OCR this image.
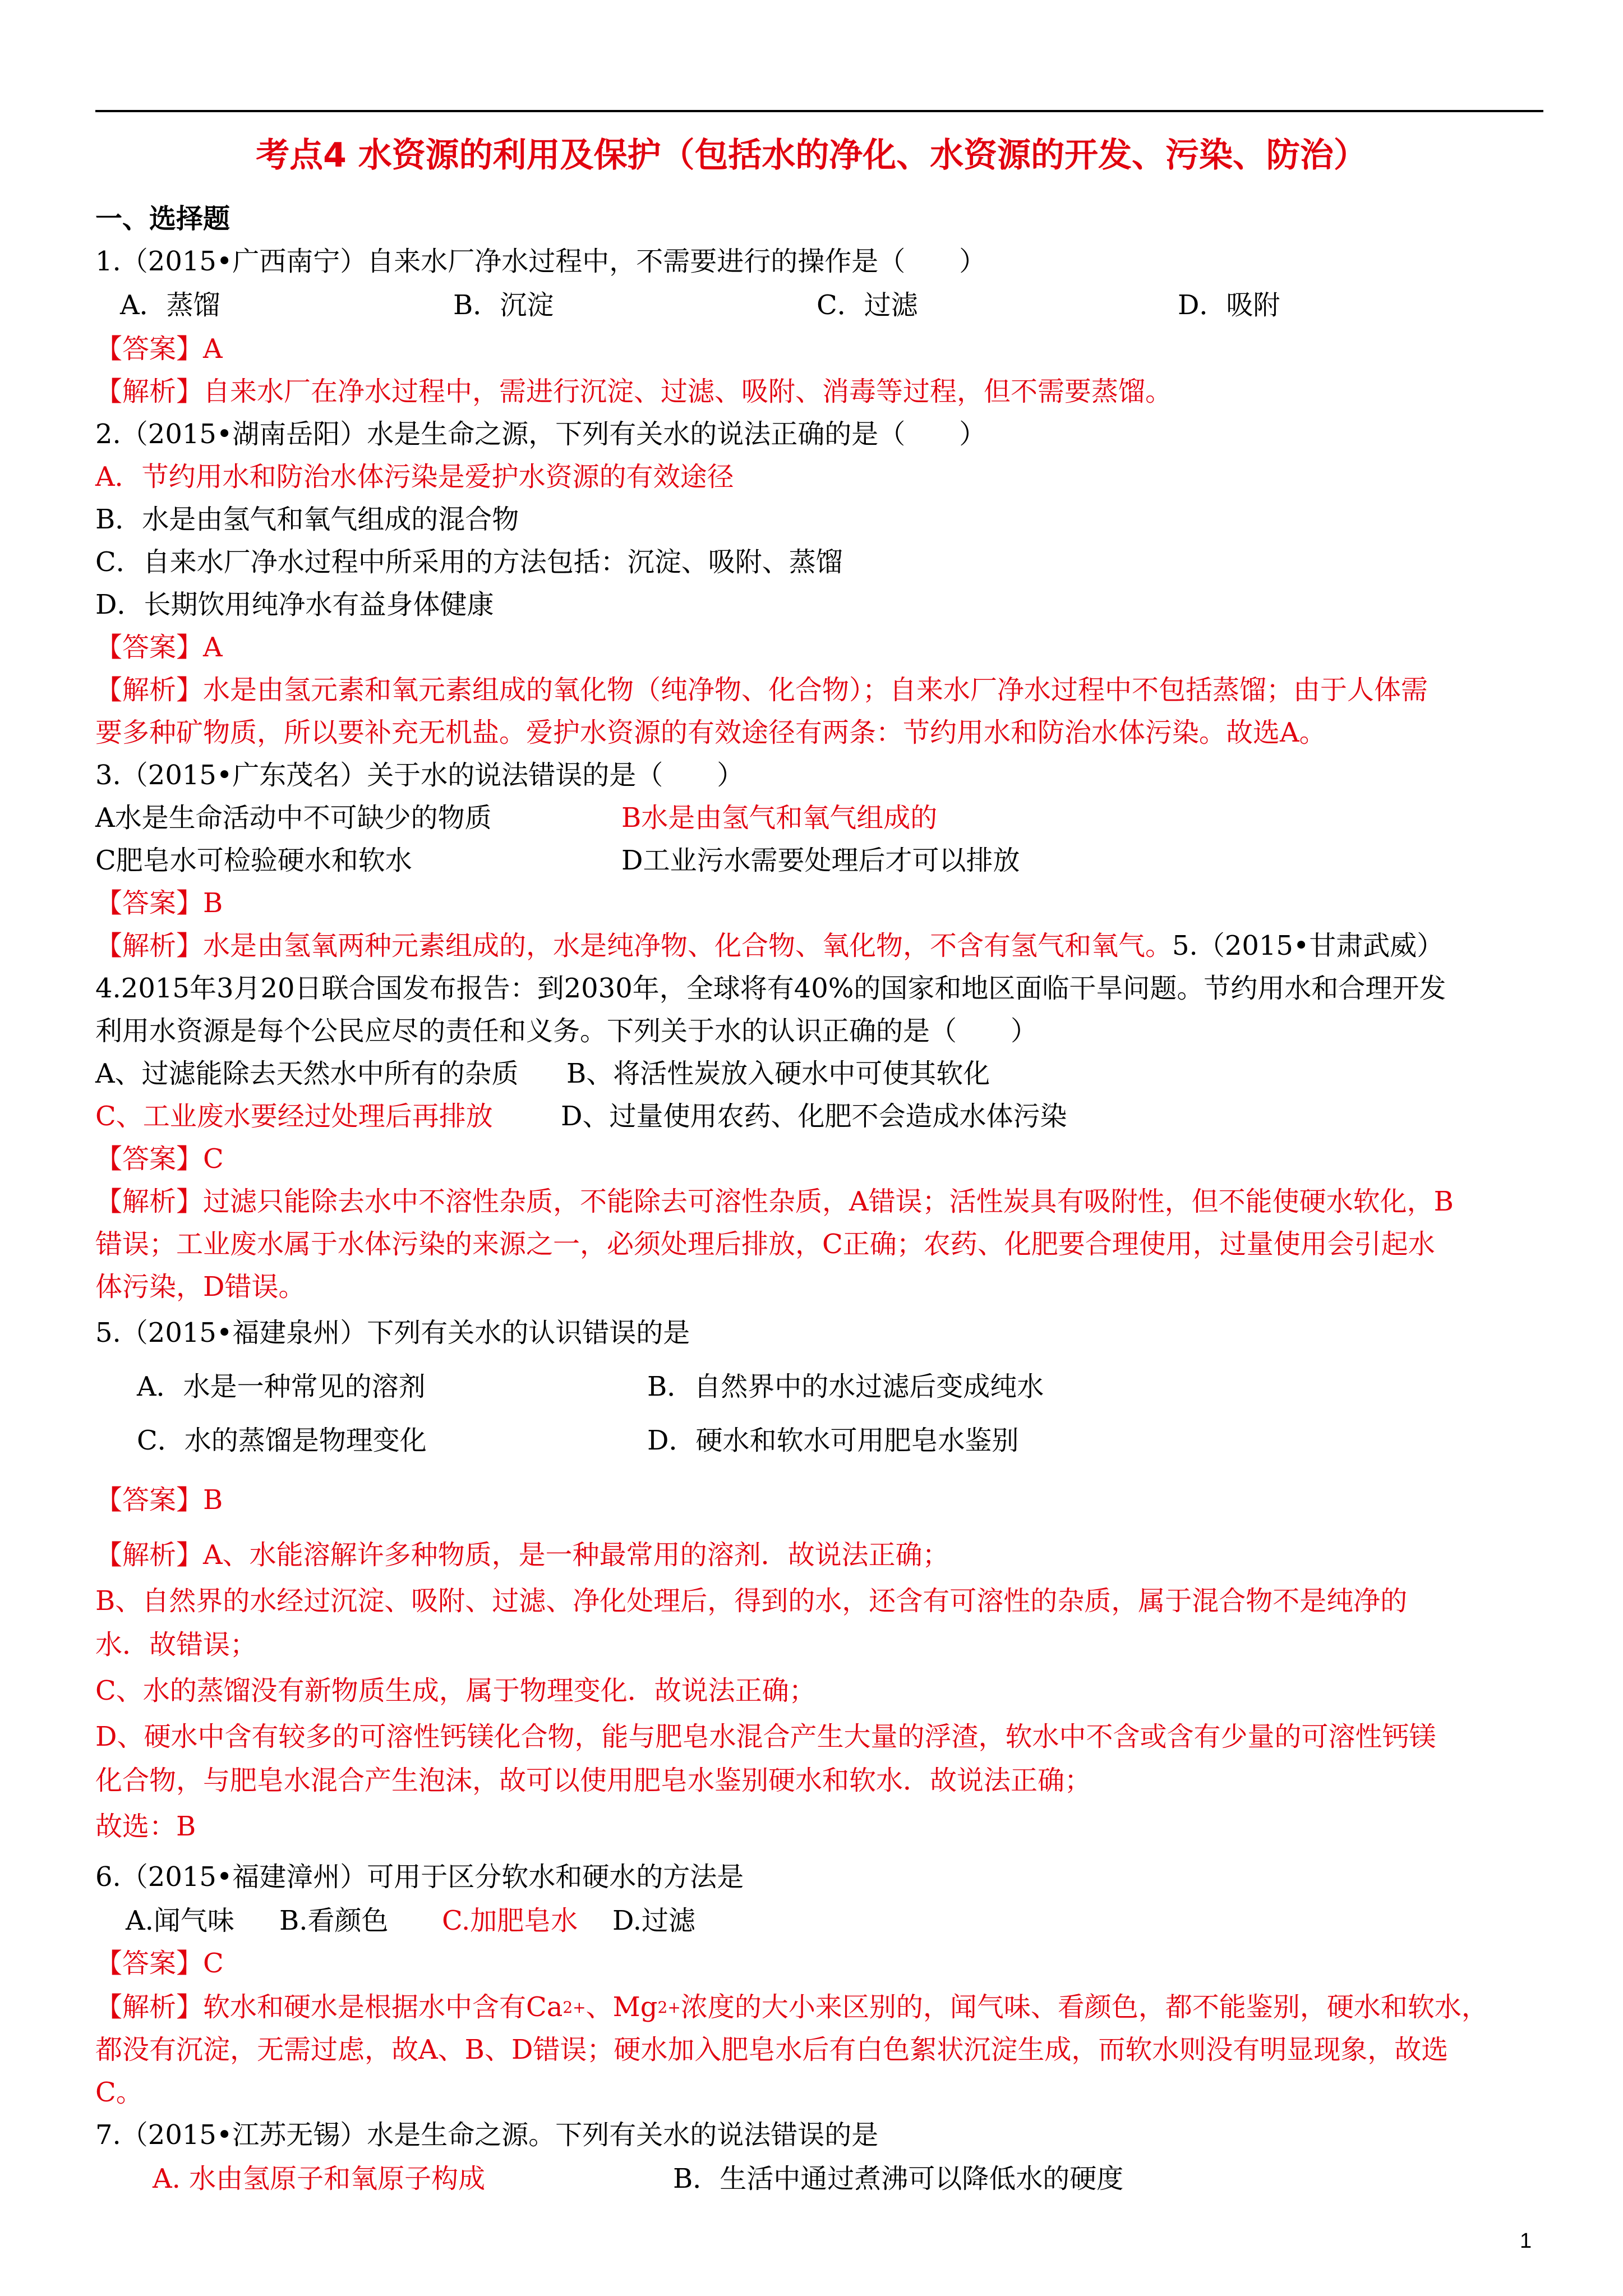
考点4 水资源的利用及保护（包括水的净化、水资源的开发、污染、防治）
一、选择题
1.（2015•广西南宁）自来水厂净水过程中，不需要进行的操作是（　　）
A．蒸馏	B．沉淀	C．过滤	D．吸附
【答案】A
【解析】自来水厂在净水过程中，需进行沉淀、过滤、吸附、消毒等过程，但不需要蒸馏。
2.（2015•湖南岳阳）水是生命之源，下列有关水的说法正确的是（　　）
A．节约用水和防治水体污染是爱护水资源的有效途径
B．水是由氢气和氧气组成的混合物
C．自来水厂净水过程中所采用的方法包括：沉淀、吸附、蒸馏
D．长期饮用纯净水有益身体健康
【答案】A
【解析】水是由氢元素和氧元素组成的氧化物（纯净物、化合物）；自来水厂净水过程中不包括蒸馏；由于人体需
要多种矿物质，所以要补充无机盐。爱护水资源的有效途径有两条：节约用水和防治水体污染。故选A。
3.（2015•广东茂名）关于水的说法错误的是（　　）
A水是生命活动中不可缺少的物质	B水是由氢气和氧气组成的
C肥皂水可检验硬水和软水	D工业污水需要处理后才可以排放
【答案】B
【解析】水是由氢氧两种元素组成的，水是纯净物、化合物、氧化物，不含有氢气和氧气。5.（2015•甘肃武威）
4.2015年3月20日联合国发布报告：到2030年，全球将有40%的国家和地区面临干旱问题。节约用水和合理开发
利用水资源是每个公民应尽的责任和义务。下列关于水的认识正确的是（　　）
A、过滤能除去天然水中所有的杂质 B、将活性炭放入硬水中可使其软化
C、工业废水要经过处理后再排放	D、过量使用农药、化肥不会造成水体污染
【答案】C
【解析】过滤只能除去水中不溶性杂质，不能除去可溶性杂质，A错误；活性炭具有吸附性，但不能使硬水软化，B
错误；工业废水属于水体污染的来源之一，必须处理后排放，C正确；农药、化肥要合理使用，过量使用会引起水
体污染，D错误。
5.（2015•福建泉州）下列有关水的认识错误的是
A．水是一种常见的溶剂	B．自然界中的水过滤后变成纯水
C．水的蒸馏是物理变化	D．硬水和软水可用肥皂水鉴别
【答案】B
【解析】A、水能溶解许多种物质，是一种最常用的溶剂．故说法正确；
B、自然界的水经过沉淀、吸附、过滤、净化处理后，得到的水，还含有可溶性的杂质，属于混合物不是纯净的
水．故错误；
C、水的蒸馏没有新物质生成，属于物理变化．故说法正确；
D、硬水中含有较多的可溶性钙镁化合物，能与肥皂水混合产生大量的浮渣，软水中不含或含有少量的可溶性钙镁
化合物，与肥皂水混合产生泡沫，故可以使用肥皂水鉴别硬水和软水．故说法正确；
故选：B
6.（2015•福建漳州）可用于区分软水和硬水的方法是
A.闻气味 B.看颜色 C.加肥皂水 D.过滤
【答案】C
【解析】软水和硬水是根据水中含有$Ca^{2+}$、$Mg^{2+}$浓度的大小来区别的，闻气味、看颜色，都不能鉴别，硬水和软水，
都没有沉淀，无需过虑，故A、B、D错误；硬水加入肥皂水后有白色絮状沉淀生成，而软水则没有明显现象，故选
C。
7.（2015•江苏无锡）水是生命之源。下列有关水的说法错误的是
A. 水由氢原子和氧原子构成	B．生活中通过煮沸可以降低水的硬度
1
